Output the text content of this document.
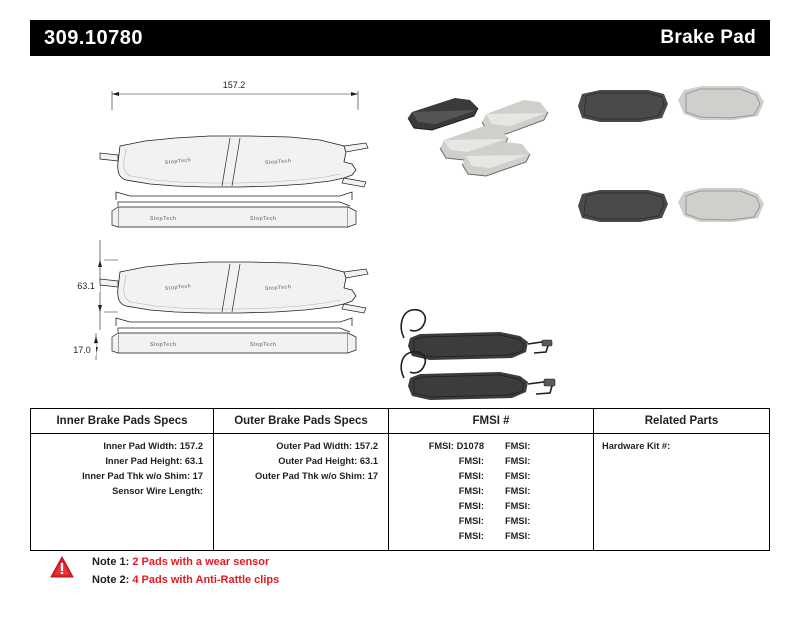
309.10780	Brake Pad
157.2
StopTech	StopTech
StopTech	StopTech
63.1	StopTech	StopTech
StopTech	StopTech
17.0
Inner Brake Pads Specs
Inner Pad Width: 157.2
Inner Pad Height: 63.1
Inner Pad Thk w/o Shim: 17
Sensor Wire Length:
Outer Brake Pads Specs
Outer Pad Width: 157.2
Outer Pad Height: 63.1
Outer Pad Thk w/o Shim: 17
FMSI #
FMSI: D1078	FMSI:
FMSI:	FMSI:
FMSI:	FMSI:
FMSI:	FMSI:
FMSI:	FMSI:
FMSI:	FMSI:
FMSI:	FMSI:
Related Parts
Hardware Kit #:
Note 1: 2 Pads with a wear sensor
Note 2: 4 Pads with Anti-Rattle clips
